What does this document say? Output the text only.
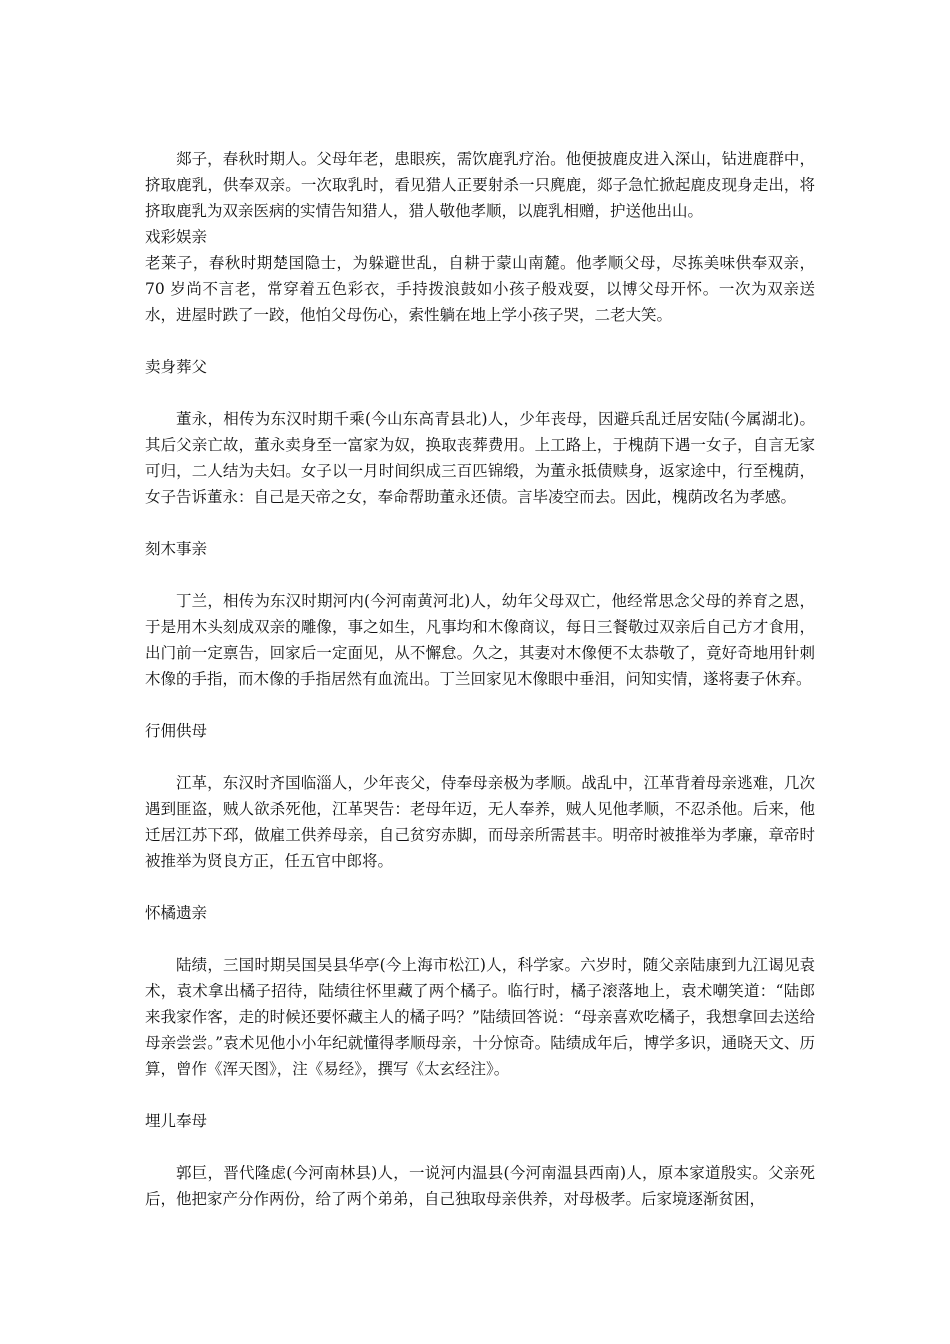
郯子，春秋时期人。父母年老，患眼疾，需饮鹿乳疗治。他便披鹿皮进入深山，钻进鹿群中，挤取鹿乳，供奉双亲。一次取乳时，看见猎人正要射杀一只麂鹿，郯子急忙掀起鹿皮现身走出，将挤取鹿乳为双亲医病的实情告知猎人，猎人敬他孝顺，以鹿乳相赠，护送他出山。

戏彩娱亲

老莱子，春秋时期楚国隐士，为躲避世乱，自耕于蒙山南麓。他孝顺父母，尽拣美味供奉双亲，70 岁尚不言老，常穿着五色彩衣，手持拨浪鼓如小孩子般戏耍，以博父母开怀。一次为双亲送水，进屋时跌了一跤，他怕父母伤心，索性躺在地上学小孩子哭，二老大笑。

卖身葬父

董永，相传为东汉时期千乘(今山东高青县北)人，少年丧母，因避兵乱迁居安陆(今属湖北)。其后父亲亡故，董永卖身至一富家为奴，换取丧葬费用。上工路上，于槐荫下遇一女子，自言无家可归，二人结为夫妇。女子以一月时间织成三百匹锦缎，为董永抵债赎身，返家途中，行至槐荫，女子告诉董永：自己是天帝之女，奉命帮助董永还债。言毕凌空而去。因此，槐荫改名为孝感。

刻木事亲

丁兰，相传为东汉时期河内(今河南黄河北)人，幼年父母双亡，他经常思念父母的养育之恩，于是用木头刻成双亲的雕像，事之如生，凡事均和木像商议，每日三餐敬过双亲后自己方才食用，出门前一定禀告，回家后一定面见，从不懈怠。久之，其妻对木像便不太恭敬了，竟好奇地用针刺木像的手指，而木像的手指居然有血流出。丁兰回家见木像眼中垂泪，问知实情，遂将妻子休弃。

行佣供母

江革，东汉时齐国临淄人，少年丧父，侍奉母亲极为孝顺。战乱中，江革背着母亲逃难，几次遇到匪盗，贼人欲杀死他，江革哭告：老母年迈，无人奉养，贼人见他孝顺，不忍杀他。后来，他迁居江苏下邳，做雇工供养母亲，自己贫穷赤脚，而母亲所需甚丰。明帝时被推举为孝廉，章帝时被推举为贤良方正，任五官中郎将。

怀橘遗亲

陆绩，三国时期吴国吴县华亭(今上海市松江)人，科学家。六岁时，随父亲陆康到九江谒见袁术，袁术拿出橘子招待，陆绩往怀里藏了两个橘子。临行时，橘子滚落地上，袁术嘲笑道：“陆郎来我家作客，走的时候还要怀藏主人的橘子吗？”陆绩回答说：“母亲喜欢吃橘子，我想拿回去送给母亲尝尝。”袁术见他小小年纪就懂得孝顺母亲，十分惊奇。陆绩成年后，博学多识，通晓天文、历算，曾作《浑天图》，注《易经》，撰写《太玄经注》。

埋儿奉母

郭巨，晋代隆虑(今河南林县)人，一说河内温县(今河南温县西南)人，原本家道殷实。父亲死后，他把家产分作两份，给了两个弟弟，自己独取母亲供养，对母极孝。后家境逐渐贫困，
